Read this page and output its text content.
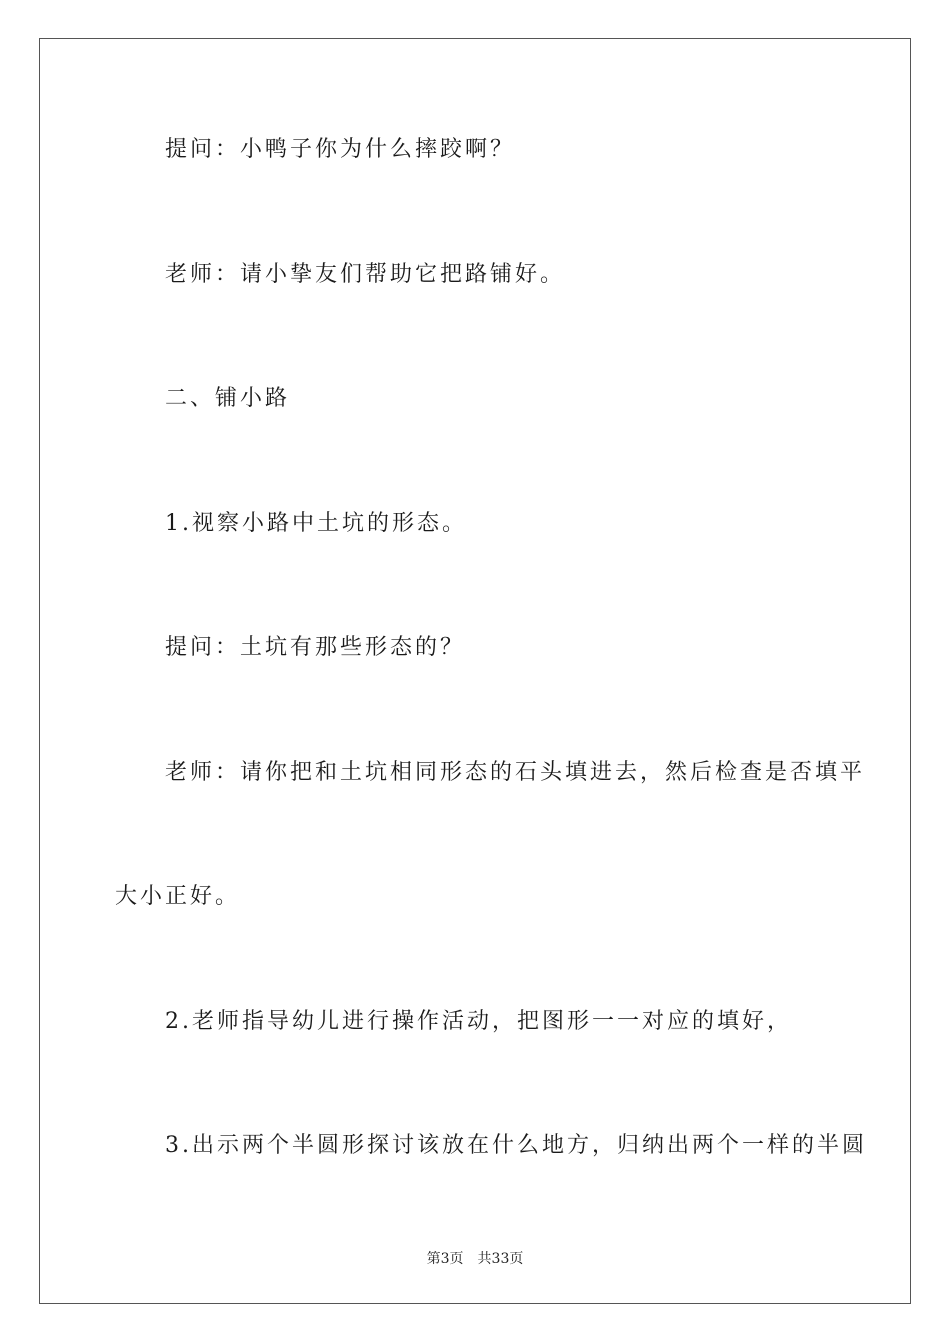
提问：小鸭子你为什么摔跤啊？
老师：请小挚友们帮助它把路铺好。
二、铺小路
1.视察小路中土坑的形态。
提问：土坑有那些形态的？
老师：请你把和土坑相同形态的石头填进去，然后检查是否填平
大小正好。
2.老师指导幼儿进行操作活动，把图形一一对应的填好，
3.出示两个半圆形探讨该放在什么地方，归纳出两个一样的半圆
第3页 共33页
